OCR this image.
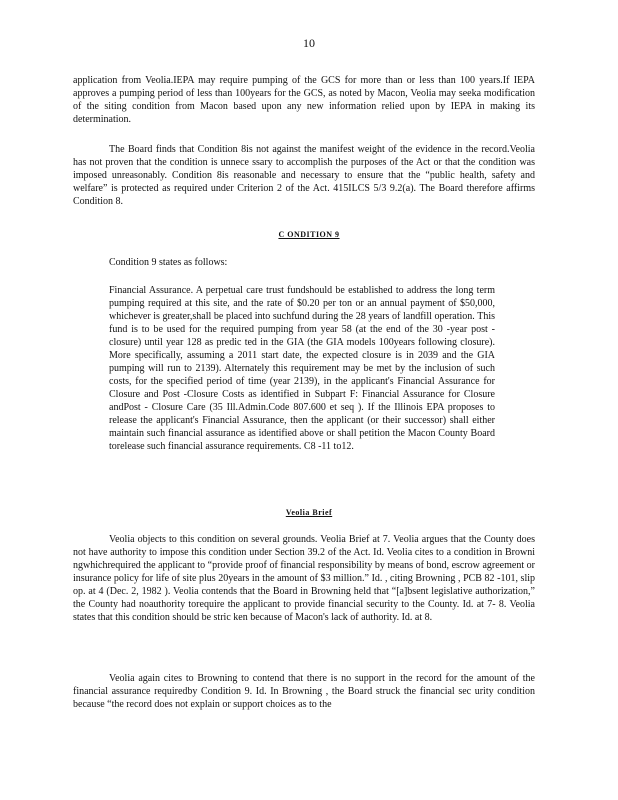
10

application from Veolia.IEPA may require pumping of the GCS for more than or less than 100 years.If IEPA approves a pumping period of less than 100years for the GCS, as noted by Macon, Veolia may seeka modification of the siting condition from Macon based upon any new information relied upon by IEPA in making its determination.

The Board finds that Condition 8is not against the manifest weight of the evidence in the record.Veolia has not proven that the condition is unnece ssary to accomplish the purposes of the Act or that the condition was imposed unreasonably. Condition 8is reasonable and necessary to ensure that the “public health, safety and welfare” is protected as required under Criterion 2 of the Act. 415ILCS 5/3 9.2(a). The Board therefore affirms Condition 8.

C ONDITION 9
Condition 9 states as follows:

Financial Assurance. A perpetual care trust fundshould be established to address the long term pumping required at this site, and the rate of $0.20 per ton or an annual payment of $50,000, whichever is greater,shall be placed into suchfund during the 28 years of landfill operation. This fund is to be used for the required pumping from year 58 (at the end of the 30 -year post -closure) until year 128 as predic ted in the GIA (the GIA models 100years following closure). More specifically, assuming a 2011 start date, the expected closure is in 2039 and the GIA pumping will run to 2139). Alternately this requirement may be met by the inclusion of such costs, for the specified period of time (year 2139), in the applicant's Financial Assurance for Closure and Post -Closure Costs as identified in Subpart F: Financial Assurance for Closure andPost - Closure Care (35 Ill.Admin.Code 807.600 et seq ). If the Illinois EPA proposes to release the applicant's Financial Assurance, then the applicant (or their successor) shall either maintain such financial assurance as identified above or shall petition the Macon County Board torelease such financial assurance requirements. C8 -11 to12.

Veolia Brief

Veolia objects to this condition on several grounds. Veolia Brief at 7. Veolia argues that the County does not have authority to impose this condition under Section 39.2 of the Act. Id. Veolia cites to a condition in Browni ngwhichrequired the applicant to “provide proof of financial responsibility by means of bond, escrow agreement or insurance policy for life of site plus 20years in the amount of $3 million.” Id. , citing Browning , PCB 82 -101, slip op. at 4 (Dec. 2, 1982 ). Veolia contends that the Board in Browning held that “[a]bsent legislative authorization,” the County had noauthority torequire the applicant to provide financial security to the County. Id. at 7- 8. Veolia states that this condition should be stric ken because of Macon's lack of authority. Id. at 8.

Veolia again cites to Browning to contend that there is no support in the record for the amount of the financial assurance requiredby Condition 9. Id. In Browning , the Board struck the financial sec urity condition because “the record does not explain or support choices as to the
